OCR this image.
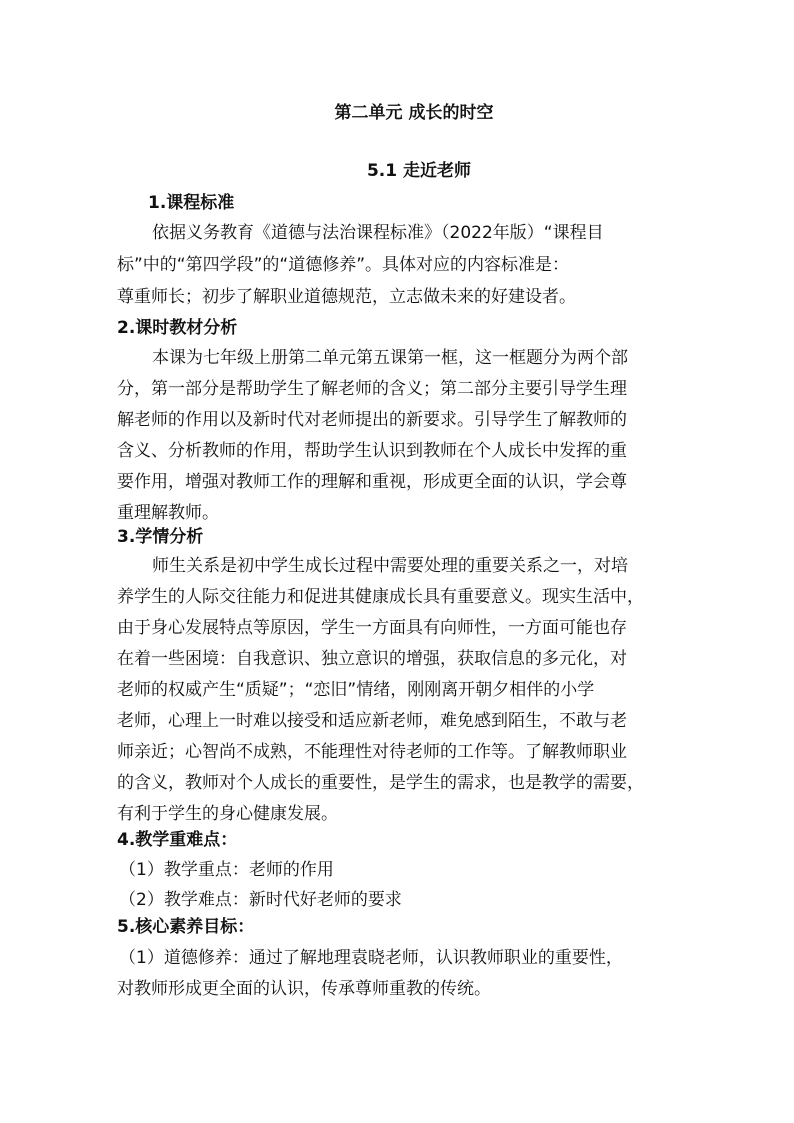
第二单元 成长的时空
5.1 走近老师
1.课程标准
依据义务教育《道德与法治课程标准》（2022年版）“课程目
标”中的“第四学段”的“道德修养”。具体对应的内容标准是：
尊重师长；初步了解职业道德规范，立志做未来的好建设者。
2.课时教材分析
本课为七年级上册第二单元第五课第一框，这一框题分为两个部
分，第一部分是帮助学生了解老师的含义；第二部分主要引导学生理
解老师的作用以及新时代对老师提出的新要求。引导学生了解教师的
含义、分析教师的作用，帮助学生认识到教师在个人成长中发挥的重
要作用，增强对教师工作的理解和重视，形成更全面的认识，学会尊
重理解教师。
3.学情分析
师生关系是初中学生成长过程中需要处理的重要关系之一，对培
养学生的人际交往能力和促进其健康成长具有重要意义。现实生活中，
由于身心发展特点等原因，学生一方面具有向师性，一方面可能也存
在着一些困境：自我意识、独立意识的增强，获取信息的多元化，对
老师的权威产生“质疑”；“恋旧”情绪，刚刚离开朝夕相伴的小学
老师，心理上一时难以接受和适应新老师，难免感到陌生，不敢与老
师亲近；心智尚不成熟，不能理性对待老师的工作等。了解教师职业
的含义，教师对个人成长的重要性，是学生的需求，也是教学的需要，
有利于学生的身心健康发展。
4.教学重难点：
（1）教学重点：老师的作用
（2）教学难点：新时代好老师的要求
5.核心素养目标：
（1）道德修养：通过了解地理袁晓老师，认识教师职业的重要性，
对教师形成更全面的认识，传承尊师重教的传统。
